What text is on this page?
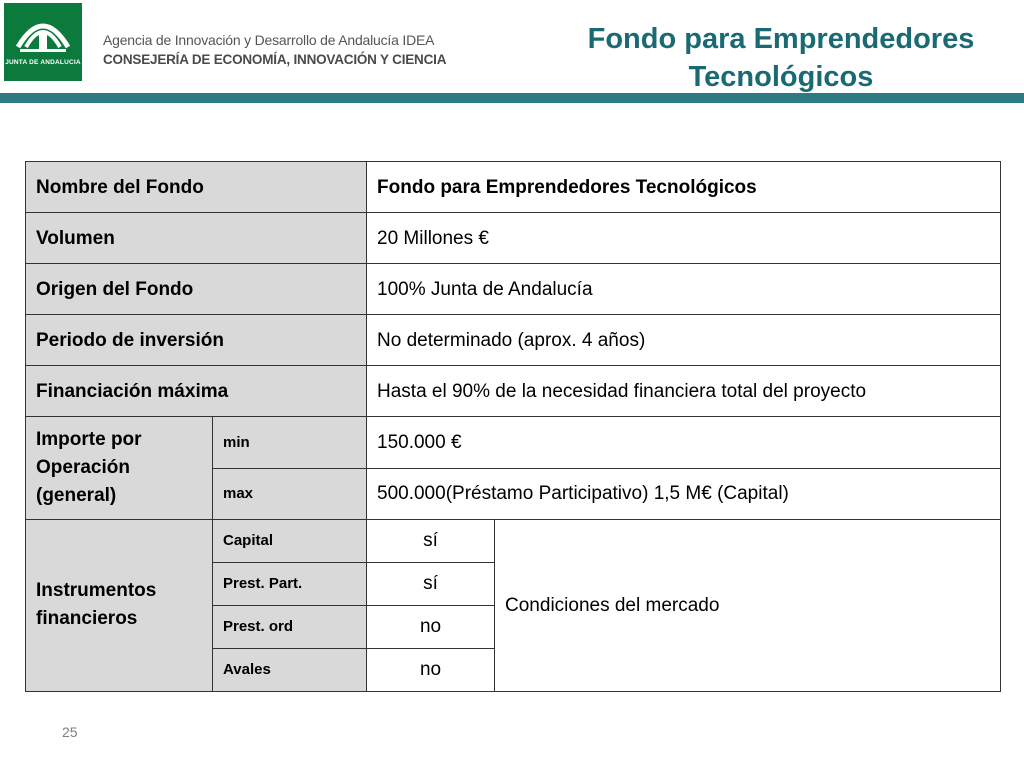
JUNTA DE ANDALUCIA
Agencia de Innovación y Desarrollo de Andalucía IDEA
CONSEJERÍA DE ECONOMÍA, INNOVACIÓN Y CIENCIA
Fondo para Emprendedores
Tecnológicos
Nombre del Fondo		Fondo para Emprendedores Tecnológicos	
Volumen		20 Millones €	
Origen del Fondo		100% Junta de Andalucía	
Periodo de inversión		No determinado (aprox. 4 años)	
Financiación máxima		Hasta el 90% de la necesidad financiera total del proyecto	
Importe por Operación (general)	min	150.000 €	
	max	500.000(Préstamo Participativo) 1,5 M€ (Capital)	
Instrumentos financieros	Capital	sí	Condiciones del mercado
	Prest. Part.	sí	
	Prest. ord	no	
	Avales	no	
25
